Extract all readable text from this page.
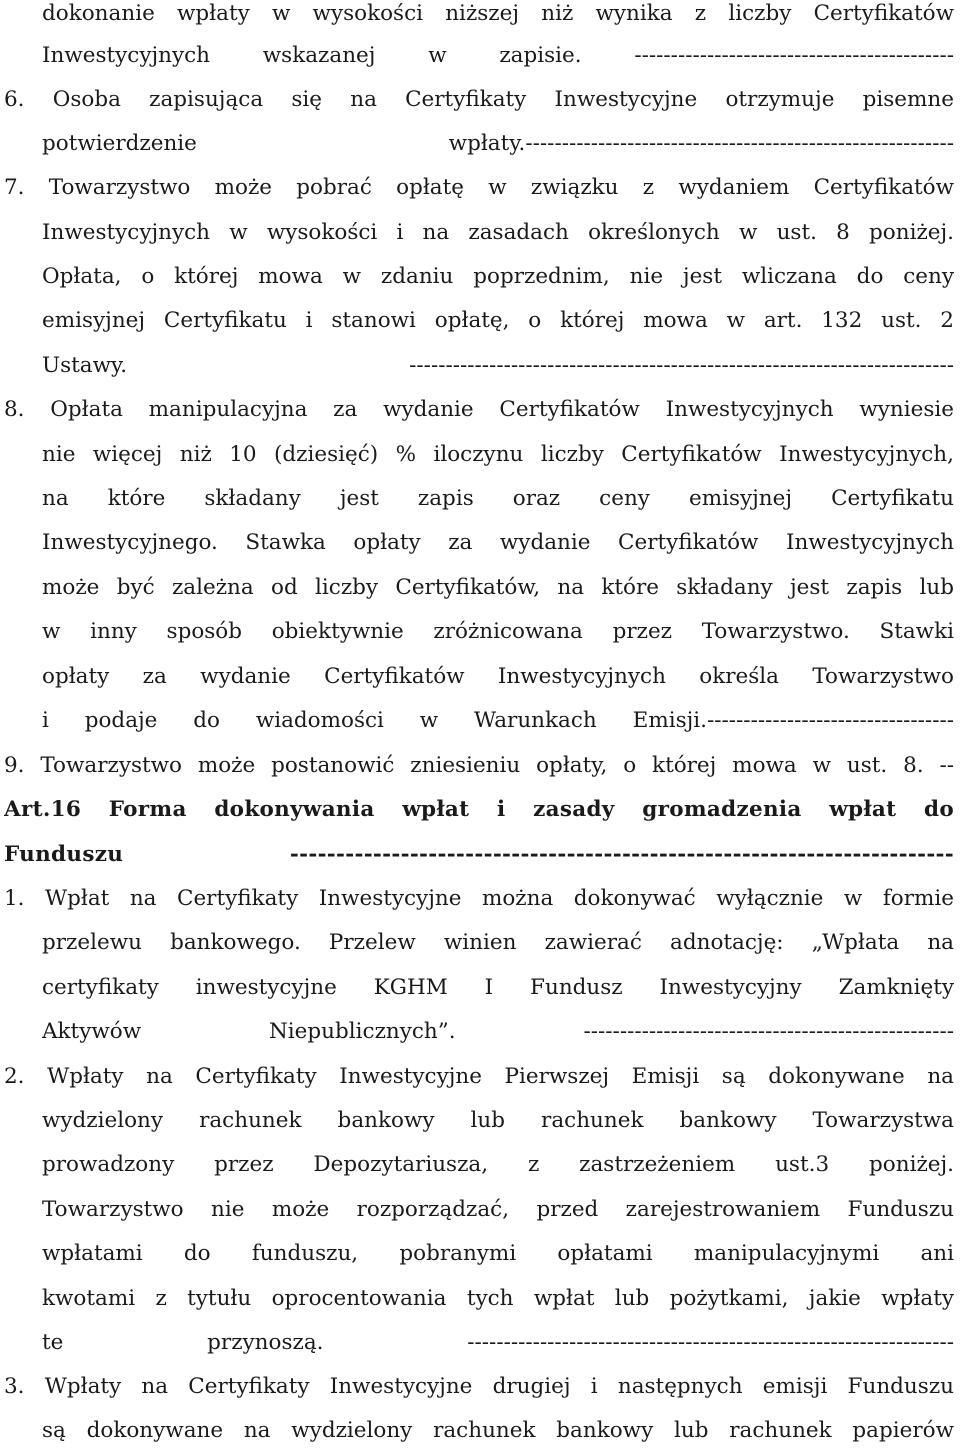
dokonanie wpłaty w wysokości niższej niż wynika z liczby Certyfikatów
Inwestycyjnych wskazanej w zapisie. --------------------------------------------
6. Osoba zapisująca się na Certyfikaty Inwestycyjne otrzymuje pisemne
potwierdzenie wpłaty.-----------------------------------------------------------
7. Towarzystwo może pobrać opłatę w związku z wydaniem Certyfikatów
Inwestycyjnych w wysokości i na zasadach określonych w ust. 8 poniżej.
Opłata, o której mowa w zdaniu poprzednim, nie jest wliczana do ceny
emisyjnej Certyfikatu i stanowi opłatę, o której mowa w art. 132 ust. 2
Ustawy. ---------------------------------------------------------------------------
8. Opłata manipulacyjna za wydanie Certyfikatów Inwestycyjnych wyniesie
nie więcej niż 10 (dziesięć) % iloczynu liczby Certyfikatów Inwestycyjnych,
na które składany jest zapis oraz ceny emisyjnej Certyfikatu
Inwestycyjnego. Stawka opłaty za wydanie Certyfikatów Inwestycyjnych
może być zależna od liczby Certyfikatów, na które składany jest zapis lub
w inny sposób obiektywnie zróżnicowana przez Towarzystwo. Stawki
opłaty za wydanie Certyfikatów Inwestycyjnych określa Towarzystwo
i podaje do wiadomości w Warunkach Emisji.----------------------------------
9. Towarzystwo może postanowić zniesieniu opłaty, o której mowa w ust. 8. --
Art.16 Forma dokonywania wpłat i zasady gromadzenia wpłat do
Funduszu ------------------------------------------------------------------------
1. Wpłat na Certyfikaty Inwestycyjne można dokonywać wyłącznie w formie
przelewu bankowego. Przelew winien zawierać adnotację: „Wpłata na
certyfikaty inwestycyjne KGHM I Fundusz Inwestycyjny Zamknięty
Aktywów Niepublicznych”. ---------------------------------------------------
2. Wpłaty na Certyfikaty Inwestycyjne Pierwszej Emisji są dokonywane na
wydzielony rachunek bankowy lub rachunek bankowy Towarzystwa
prowadzony przez Depozytariusza, z zastrzeżeniem ust.3 poniżej.
Towarzystwo nie może rozporządzać, przed zarejestrowaniem Funduszu
wpłatami do funduszu, pobranymi opłatami manipulacyjnymi ani
kwotami z tytułu oprocentowania tych wpłat lub pożytkami, jakie wpłaty
te przynoszą. -------------------------------------------------------------------
3. Wpłaty na Certyfikaty Inwestycyjne drugiej i następnych emisji Funduszu
są dokonywane na wydzielony rachunek bankowy lub rachunek papierów
